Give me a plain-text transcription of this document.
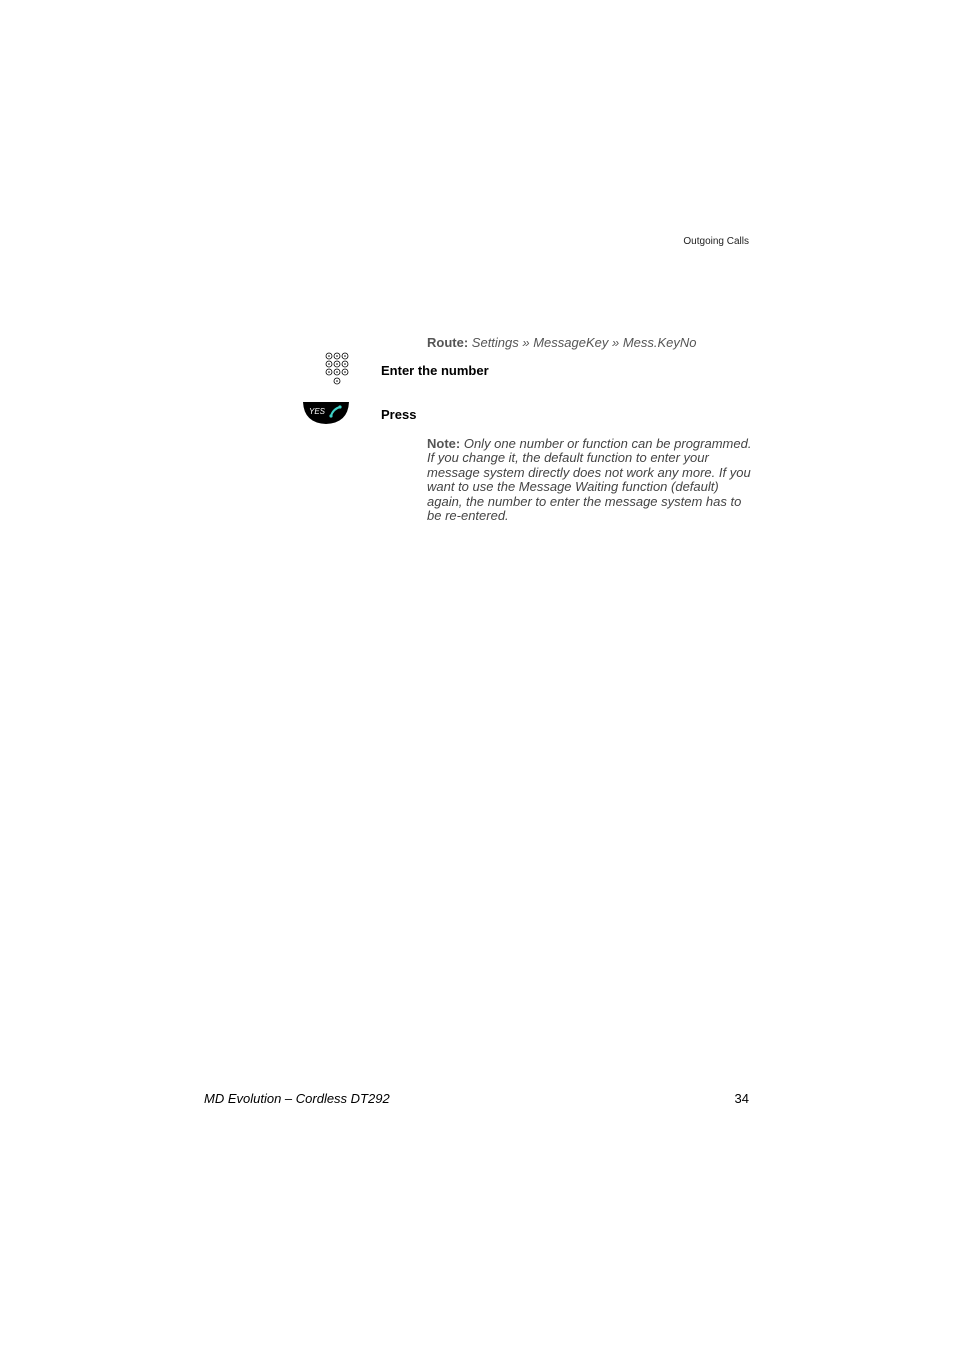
Outgoing Calls
Route: Settings » MessageKey » Mess.KeyNo
Enter the number
YES	Press
Note: Only one number or function can be programmed. If you change it, the default function to enter your message system directly does not work any more. If you want to use the Message Waiting function (default) again, the number to enter the message system has to be re-entered.
MD Evolution – Cordless DT292	34
